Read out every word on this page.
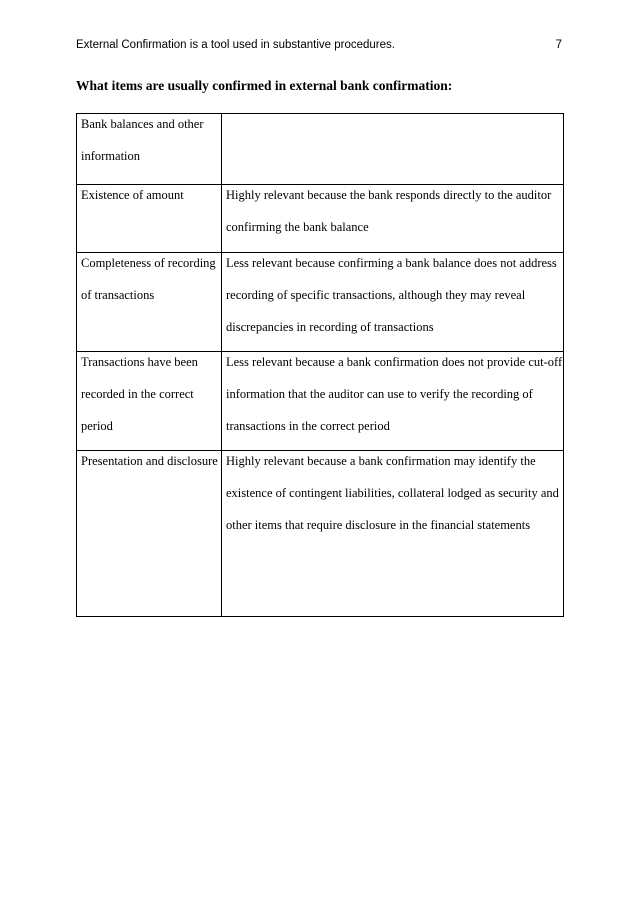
External Confirmation is a tool used in substantive procedures.	7
What items are usually confirmed in external bank confirmation:
Bank balances and other information	

Existence of amount	Highly relevant because the bank responds directly to the auditor confirming the bank balance

Completeness of recording of transactions	Less relevant because confirming a bank balance does not address recording of specific transactions, although they may reveal discrepancies in recording of transactions

Transactions have been recorded in the correct period	Less relevant because a bank confirmation does not provide cut-off information that the auditor can use to verify the recording of transactions in the correct period

Presentation and disclosure	Highly relevant because a bank confirmation may identify the existence of contingent liabilities, collateral lodged as security and other items that require disclosure in the financial statements
